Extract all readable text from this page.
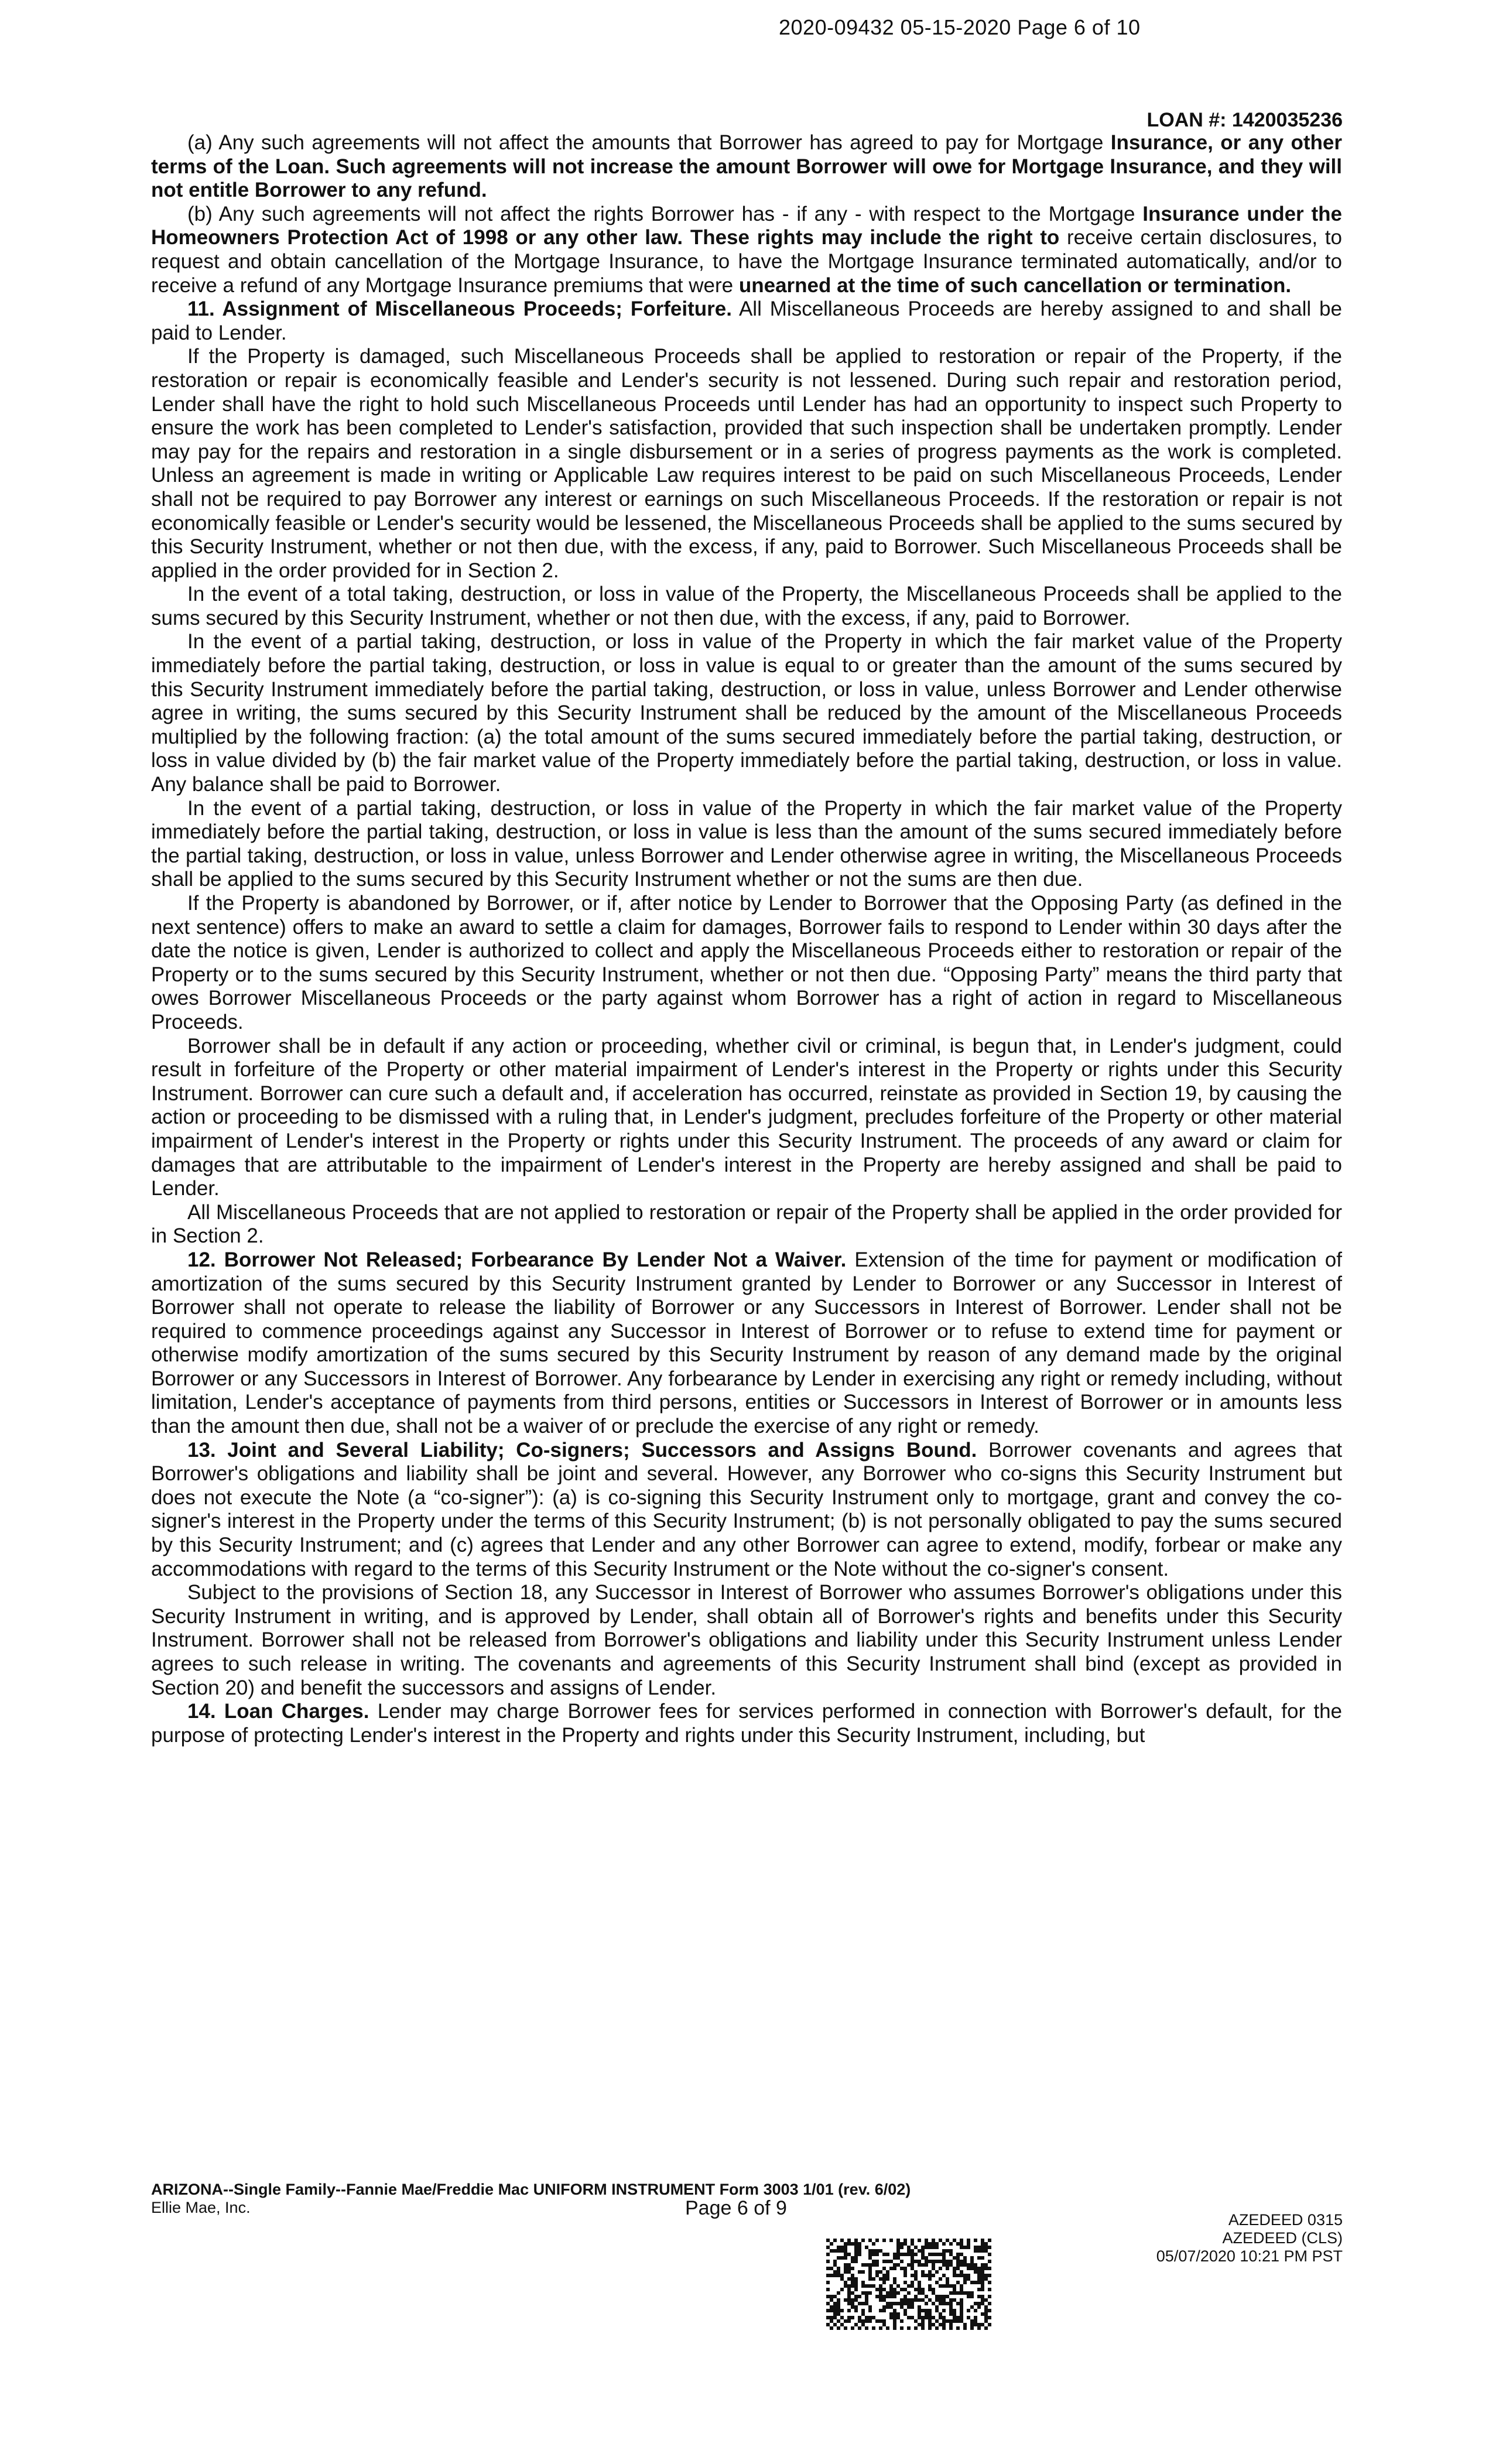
2020-09432 05-15-2020 Page 6 of 10
LOAN #: 1420035236

(a) Any such agreements will not affect the amounts that Borrower has agreed to pay for Mortgage Insurance, or any other terms of the Loan. Such agreements will not increase the amount Borrower will owe for Mortgage Insurance, and they will not entitle Borrower to any refund.

(b) Any such agreements will not affect the rights Borrower has - if any - with respect to the Mortgage Insurance under the Homeowners Protection Act of 1998 or any other law. These rights may include the right to receive certain disclosures, to request and obtain cancellation of the Mortgage Insurance, to have the Mortgage Insurance terminated automatically, and/or to receive a refund of any Mortgage Insurance premiums that were unearned at the time of such cancellation or termination.

11. Assignment of Miscellaneous Proceeds; Forfeiture. All Miscellaneous Proceeds are hereby assigned to and shall be paid to Lender.

If the Property is damaged, such Miscellaneous Proceeds shall be applied to restoration or repair of the Property, if the restoration or repair is economically feasible and Lender's security is not lessened. During such repair and restoration period, Lender shall have the right to hold such Miscellaneous Proceeds until Lender has had an opportunity to inspect such Property to ensure the work has been completed to Lender's satisfaction, provided that such inspection shall be undertaken promptly. Lender may pay for the repairs and restoration in a single disbursement or in a series of progress payments as the work is completed. Unless an agreement is made in writing or Applicable Law requires interest to be paid on such Miscellaneous Proceeds, Lender shall not be required to pay Borrower any interest or earnings on such Miscellaneous Proceeds. If the restoration or repair is not economically feasible or Lender's security would be lessened, the Miscellaneous Proceeds shall be applied to the sums secured by this Security Instrument, whether or not then due, with the excess, if any, paid to Borrower. Such Miscellaneous Proceeds shall be applied in the order provided for in Section 2.

In the event of a total taking, destruction, or loss in value of the Property, the Miscellaneous Proceeds shall be applied to the sums secured by this Security Instrument, whether or not then due, with the excess, if any, paid to Borrower.

In the event of a partial taking, destruction, or loss in value of the Property in which the fair market value of the Property immediately before the partial taking, destruction, or loss in value is equal to or greater than the amount of the sums secured by this Security Instrument immediately before the partial taking, destruction, or loss in value, unless Borrower and Lender otherwise agree in writing, the sums secured by this Security Instrument shall be reduced by the amount of the Miscellaneous Proceeds multiplied by the following fraction: (a) the total amount of the sums secured immediately before the partial taking, destruction, or loss in value divided by (b) the fair market value of the Property immediately before the partial taking, destruction, or loss in value. Any balance shall be paid to Borrower.

In the event of a partial taking, destruction, or loss in value of the Property in which the fair market value of the Property immediately before the partial taking, destruction, or loss in value is less than the amount of the sums secured immediately before the partial taking, destruction, or loss in value, unless Borrower and Lender otherwise agree in writing, the Miscellaneous Proceeds shall be applied to the sums secured by this Security Instrument whether or not the sums are then due.

If the Property is abandoned by Borrower, or if, after notice by Lender to Borrower that the Opposing Party (as defined in the next sentence) offers to make an award to settle a claim for damages, Borrower fails to respond to Lender within 30 days after the date the notice is given, Lender is authorized to collect and apply the Miscellaneous Proceeds either to restoration or repair of the Property or to the sums secured by this Security Instrument, whether or not then due. “Opposing Party” means the third party that owes Borrower Miscellaneous Proceeds or the party against whom Borrower has a right of action in regard to Miscellaneous Proceeds.

Borrower shall be in default if any action or proceeding, whether civil or criminal, is begun that, in Lender's judgment, could result in forfeiture of the Property or other material impairment of Lender's interest in the Property or rights under this Security Instrument. Borrower can cure such a default and, if acceleration has occurred, reinstate as provided in Section 19, by causing the action or proceeding to be dismissed with a ruling that, in Lender's judgment, precludes forfeiture of the Property or other material impairment of Lender's interest in the Property or rights under this Security Instrument. The proceeds of any award or claim for damages that are attributable to the impairment of Lender's interest in the Property are hereby assigned and shall be paid to Lender.

All Miscellaneous Proceeds that are not applied to restoration or repair of the Property shall be applied in the order provided for in Section 2.

12. Borrower Not Released; Forbearance By Lender Not a Waiver. Extension of the time for payment or modification of amortization of the sums secured by this Security Instrument granted by Lender to Borrower or any Successor in Interest of Borrower shall not operate to release the liability of Borrower or any Successors in Interest of Borrower. Lender shall not be required to commence proceedings against any Successor in Interest of Borrower or to refuse to extend time for payment or otherwise modify amortization of the sums secured by this Security Instrument by reason of any demand made by the original Borrower or any Successors in Interest of Borrower. Any forbearance by Lender in exercising any right or remedy including, without limitation, Lender's acceptance of payments from third persons, entities or Successors in Interest of Borrower or in amounts less than the amount then due, shall not be a waiver of or preclude the exercise of any right or remedy.

13. Joint and Several Liability; Co-signers; Successors and Assigns Bound. Borrower covenants and agrees that Borrower's obligations and liability shall be joint and several. However, any Borrower who co-signs this Security Instrument but does not execute the Note (a “co-signer”): (a) is co-signing this Security Instrument only to mortgage, grant and convey the co-signer's interest in the Property under the terms of this Security Instrument; (b) is not personally obligated to pay the sums secured by this Security Instrument; and (c) agrees that Lender and any other Borrower can agree to extend, modify, forbear or make any accommodations with regard to the terms of this Security Instrument or the Note without the co-signer's consent.

Subject to the provisions of Section 18, any Successor in Interest of Borrower who assumes Borrower's obligations under this Security Instrument in writing, and is approved by Lender, shall obtain all of Borrower's rights and benefits under this Security Instrument. Borrower shall not be released from Borrower's obligations and liability under this Security Instrument unless Lender agrees to such release in writing. The covenants and agreements of this Security Instrument shall bind (except as provided in Section 20) and benefit the successors and assigns of Lender.

14. Loan Charges. Lender may charge Borrower fees for services performed in connection with Borrower's default, for the purpose of protecting Lender's interest in the Property and rights under this Security Instrument, including, but

ARIZONA--Single Family--Fannie Mae/Freddie Mac UNIFORM INSTRUMENT Form 3003 1/01 (rev. 6/02)
Ellie Mae, Inc.	Page 6 of 9
AZEDEED 0315
AZEDEED (CLS)
05/07/2020 10:21 PM PST
